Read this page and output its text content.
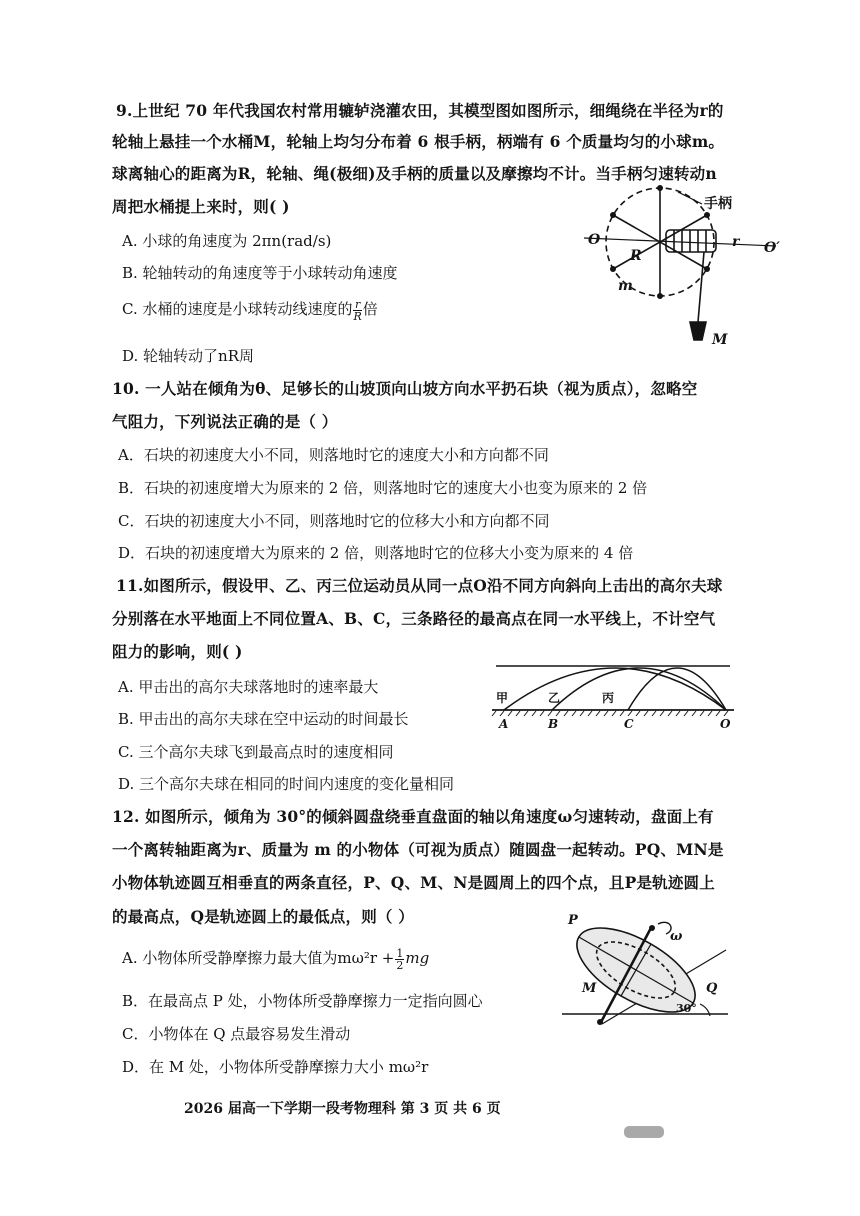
9.上世纪 70 年代我国农村常用辘轳浇灌农田，其模型图如图所示，细绳绕在半径为r的
轮轴上悬挂一个水桶M，轮轴上均匀分布着 6 根手柄，柄端有 6 个质量均匀的小球m。
球离轴心的距离为R，轮轴、绳(极细)及手柄的质量以及摩擦均不计。当手柄匀速转动n
周把水桶提上来时，则( )
A. 小球的角速度为 2πn(rad/s)
B. 轮轴转动的角速度等于小球转动角速度
C. 水桶的速度是小球转动线速度的 $\frac{r}{R}$ 倍
D. 轮轴转动了nR周
手柄
O	O′
r
R
m
M
10. 一人站在倾角为θ、足够长的山坡顶向山坡方向水平扔石块（视为质点），忽略空
气阻力，下列说法正确的是（ ）
A．石块的初速度大小不同，则落地时它的速度大小和方向都不同
B．石块的初速度增大为原来的 2 倍，则落地时它的速度大小也变为原来的 2 倍
C．石块的初速度大小不同，则落地时它的位移大小和方向都不同
D．石块的初速度增大为原来的 2 倍，则落地时它的位移大小变为原来的 4 倍
11.如图所示，假设甲、乙、丙三位运动员从同一点O沿不同方向斜向上击出的高尔夫球
分别落在水平地面上不同位置A、B、C，三条路径的最高点在同一水平线上，不计空气
阻力的影响，则( )
A. 甲击出的高尔夫球落地时的速率最大
B. 甲击出的高尔夫球在空中运动的时间最长
C. 三个高尔夫球飞到最高点时的速度相同
D. 三个高尔夫球在相同的时间内速度的变化量相同
甲	乙	丙
A	B	C	O
12. 如图所示，倾角为 30°的倾斜圆盘绕垂直盘面的轴以角速度ω匀速转动，盘面上有
一个离转轴距离为r、质量为 m 的小物体（可视为质点）随圆盘一起转动。PQ、MN是
小物体轨迹圆互相垂直的两条直径，P、Q、M、N是圆周上的四个点，且P是轨迹圆上
的最高点，Q是轨迹圆上的最低点，则（ ）
A. 小物体所受静摩擦力最大值为$m\omega^2r + \frac{1}{2}$ mg
B．在最高点 P 处，小物体所受静摩擦力一定指向圆心
C．小物体在 Q 点最容易发生滑动
D．在 M 处，小物体所受静摩擦力大小 mω²r
P
Q
M
ω
30°
2026 届高一下学期一段考物理科 第 3 页 共 6 页
